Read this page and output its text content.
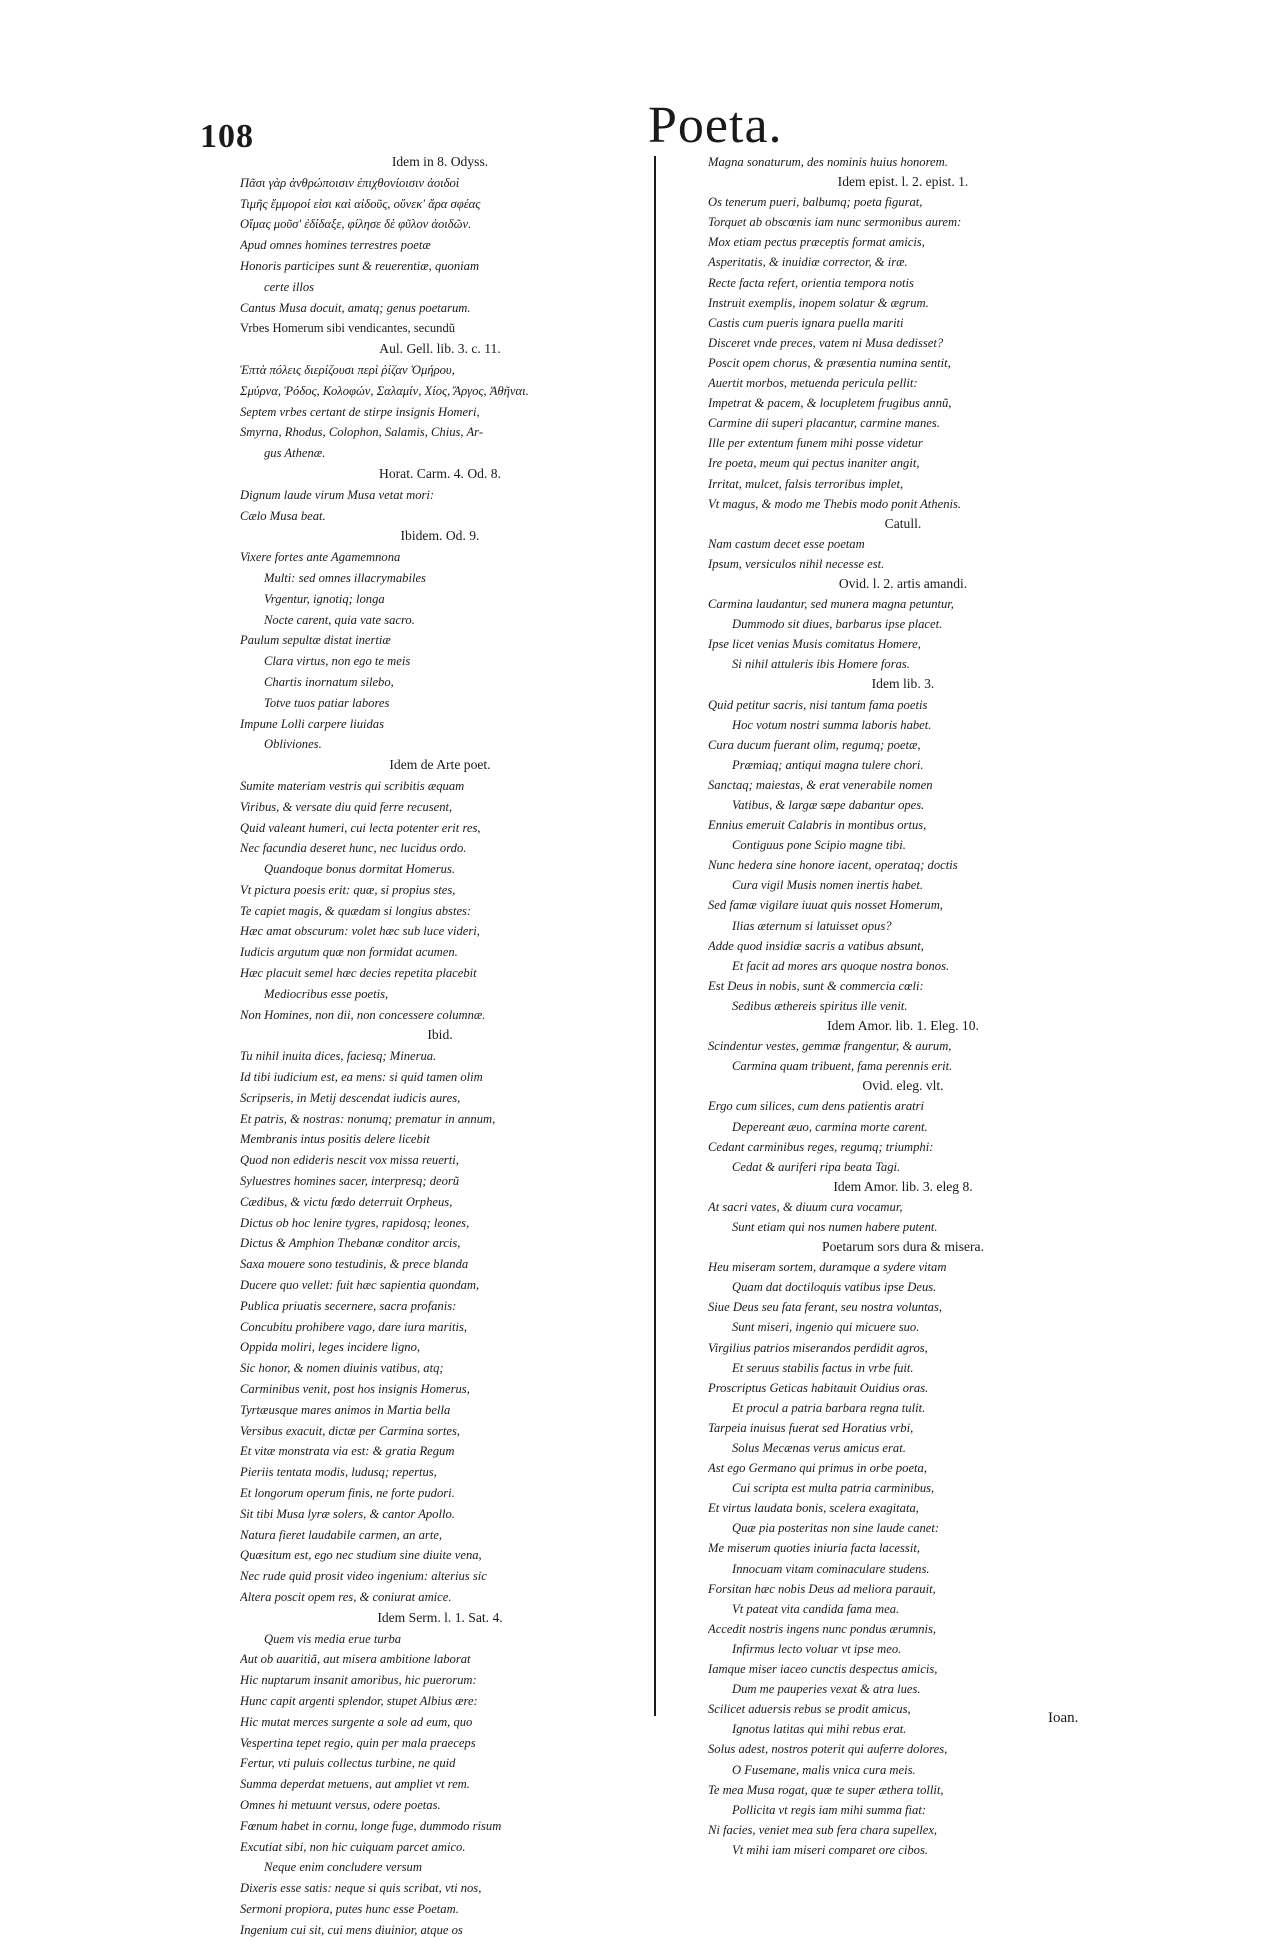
108	Poeta.
Idem in 8. Odyss.
Πᾶσι γὰρ ἀνθρώποισιν ἐπιχθονίοισιν ἀοιδοὶ
Τιμῆς ἔμμοροί εἰσι καὶ αἰδοῦς, οὕνεκ' ἄρα σφέας
Οἴμας μοῦσ' ἐδίδαξε, φίλησε δὲ φῦλον ἀοιδῶν.
Apud omnes homines terrestres poetæ
Honoris participes sunt & reuerentiæ, quoniam
certe illos
Cantus Musa docuit, amatq; genus poetarum.
Vrbes Homerum sibi vendicantes, secundũ
Aul. Gell. lib. 3. c. 11.
Ἑπτὰ πόλεις διερίζουσι περὶ ῥίζαν Ὁμήρου,
Σμύρνα, Ῥόδος, Κολοφών, Σαλαμίν, Χίος, Ἄργος, Ἀθῆναι.
Septem vrbes certant de stirpe insignis Homeri,
Smyrna, Rhodus, Colophon, Salamis, Chius, Ar-
gus Athenæ.
Horat. Carm. 4. Od. 8.
Dignum laude virum Musa vetat mori:
Cælo Musa beat.
Ibidem. Od. 9.
Vixere fortes ante Agamemnona
Multi: sed omnes illacrymabiles
Vrgentur, ignotiq; longa
Nocte carent, quia vate sacro.
Paulum sepultæ distat inertiæ
Clara virtus, non ego te meis
Chartis inornatum silebo,
Totve tuos patiar labores
Impune Lolli carpere liuidas
Obliviones.
Idem de Arte poet.
Sumite materiam vestris qui scribitis æquam
Viribus, & versate diu quid ferre recusent,
Quid valeant humeri, cui lecta potenter erit res,
Nec facundia deseret hunc, nec lucidus ordo.
Quandoque bonus dormitat Homerus.
Vt pictura poesis erit: quæ, si propius stes,
Te capiet magis, & quædam si longius abstes:
Hæc amat obscurum: volet hæc sub luce videri,
Iudicis argutum quæ non formidat acumen.
Hæc placuit semel hæc decies repetita placebit
Mediocribus esse poetis,
Non Homines, non dii, non concessere columnæ.
Ibid.
Tu nihil inuita dices, faciesq; Minerua.
Id tibi iudicium est, ea mens: si quid tamen olim
Scripseris, in Metij descendat iudicis aures,
Et patris, & nostras: nonumq; prematur in annum,
Membranis intus positis delere licebit
Quod non edideris nescit vox missa reuerti,
Syluestres homines sacer, interpresq; deorũ
Cædibus, & victu fœdo deterruit Orpheus,
Dictus ob hoc lenire tygres, rapidosq; leones,
Dictus & Amphion Thebanæ conditor arcis,
Saxa mouere sono testudinis, & prece blanda
Ducere quo vellet: fuit hæc sapientia quondam,
Publica priuatis secernere, sacra profanis:
Concubitu prohibere vago, dare iura maritis,
Oppida moliri, leges incidere ligno,
Sic honor, & nomen diuinis vatibus, atq;
Carminibus venit, post hos insignis Homerus,
Tyrtæusque mares animos in Martia bella
Versibus exacuit, dictæ per Carmina sortes,
Et vitæ monstrata via est: & gratia Regum
Pieriis tentata modis, ludusq; repertus,
Et longorum operum finis, ne forte pudori.
Sit tibi Musa lyræ solers, & cantor Apollo.
Natura fieret laudabile carmen, an arte,
Quæsitum est, ego nec studium sine diuite vena,
Nec rude quid prosit video ingenium: alterius sic
Altera poscit opem res, & coniurat amice.
Idem Serm. l. 1. Sat. 4.
Quem vis media erue turba
Aut ob auaritiã, aut misera ambitione laborat
Hic nuptarum insanit amoribus, hic puerorum:
Hunc capit argenti splendor, stupet Albius ære:
Hic mutat merces surgente a sole ad eum, quo
Vespertina tepet regio, quin per mala praeceps
Fertur, vti puluis collectus turbine, ne quid
Summa deperdat metuens, aut ampliet vt rem.
Omnes hi metuunt versus, odere poetas.
Fœnum habet in cornu, longe fuge, dummodo risum
Excutiat sibi, non hic cuiquam parcet amico.
Neque enim concludere versum
Dixeris esse satis: neque si quis scribat, vti nos,
Sermoni propiora, putes hunc esse Poetam.
Ingenium cui sit, cui mens diuinior, atque os
Magna sonaturum, des nominis huius honorem.
Idem epist. l. 2. epist. 1.
Os tenerum pueri, balbumq; poeta figurat,
Torquet ab obscœnis iam nunc sermonibus aurem:
Mox etiam pectus præceptis format amicis,
Asperitatis, & inuidiæ corrector, & iræ.
Recte facta refert, orientia tempora notis
Instruit exemplis, inopem solatur & ægrum.
Castis cum pueris ignara puella mariti
Disceret vnde preces, vatem ni Musa dedisset?
Poscit opem chorus, & præsentia numina sentit,
Auertit morbos, metuenda pericula pellit:
Impetrat & pacem, & locupletem frugibus annũ,
Carmine dii superi placantur, carmine manes.
Ille per extentum funem mihi posse videtur
Ire poeta, meum qui pectus inaniter angit,
Irritat, mulcet, falsis terroribus implet,
Vt magus, & modo me Thebis modo ponit Athenis.
Catull.
Nam castum decet esse poetam
Ipsum, versiculos nihil necesse est.
Ovid. l. 2. artis amandi.
Carmina laudantur, sed munera magna petuntur,
Dummodo sit diues, barbarus ipse placet.
Ipse licet venias Musis comitatus Homere,
Si nihil attuleris ibis Homere foras.
Idem lib. 3.
Quid petitur sacris, nisi tantum fama poetis
Hoc votum nostri summa laboris habet.
Cura ducum fuerant olim, regumq; poetæ,
Præmiaq; antiqui magna tulere chori.
Sanctaq; maiestas, & erat venerabile nomen
Vatibus, & largæ sæpe dabantur opes.
Ennius emeruit Calabris in montibus ortus,
Contiguus pone Scipio magne tibi.
Nunc hedera sine honore iacent, operataq; doctis
Cura vigil Musis nomen inertis habet.
Sed famæ vigilare iuuat quis nosset Homerum,
Ilias æternum si latuisset opus?
Adde quod insidiæ sacris a vatibus absunt,
Et facit ad mores ars quoque nostra bonos.
Est Deus in nobis, sunt & commercia cœli:
Sedibus æthereis spiritus ille venit.
Idem Amor. lib. 1. Eleg. 10.
Scindentur vestes, gemmæ frangentur, & aurum,
Carmina quam tribuent, fama perennis erit.
Ovid. eleg. vlt.
Ergo cum silices, cum dens patientis aratri
Depereant æuo, carmina morte carent.
Cedant carminibus reges, regumq; triumphi:
Cedat & auriferi ripa beata Tagi.
Idem Amor. lib. 3. eleg 8.
At sacri vates, & diuum cura vocamur,
Sunt etiam qui nos numen habere putent.
Poetarum sors dura & misera.
Heu miseram sortem, duramque a sydere vitam
Quam dat doctiloquis vatibus ipse Deus.
Siue Deus seu fata ferant, seu nostra voluntas,
Sunt miseri, ingenio qui micuere suo.
Virgilius patrios miserandos perdidit agros,
Et seruus stabilis factus in vrbe fuit.
Proscriptus Geticas habitauit Ouidius oras.
Et procul a patria barbara regna tulit.
Tarpeia inuisus fuerat sed Horatius vrbi,
Solus Mecænas verus amicus erat.
Ast ego Germano qui primus in orbe poeta,
Cui scripta est multa patria carminibus,
Et virtus laudata bonis, scelera exagitata,
Quæ pia posteritas non sine laude canet:
Me miserum quoties iniuria facta lacessit,
Innocuam vitam cominaculare studens.
Forsitan hæc nobis Deus ad meliora parauit,
Vt pateat vita candida fama mea.
Accedit nostris ingens nunc pondus ærumnis,
Infirmus lecto voluar vt ipse meo.
Iamque miser iaceo cunctis despectus amicis,
Dum me pauperies vexat & atra lues.
Scilicet aduersis rebus se prodit amicus,
Ignotus latitas qui mihi rebus erat.
Solus adest, nostros poterit qui auferre dolores,
O Fusemane, malis vnica cura meis.
Te mea Musa rogat, quæ te super æthera tollit,
Pollicita vt regis iam mihi summa fiat:
Ni facies, veniet mea sub fera chara supellex,
Vt mihi iam miseri comparet ore cibos.
Ioan.
